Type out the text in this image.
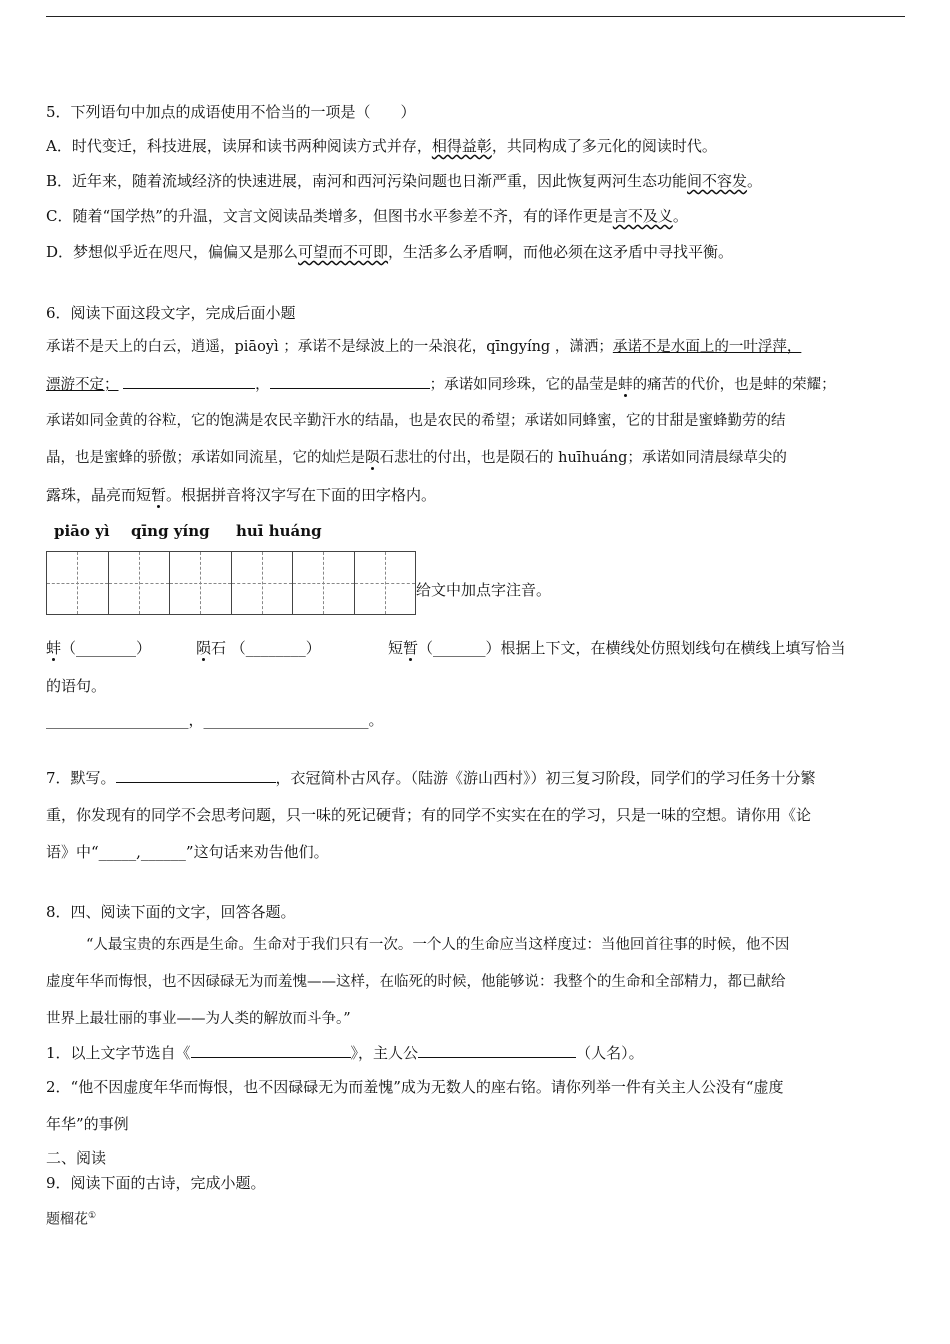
5．下列语句中加点的成语使用不恰当的一项是（　　）
A．时代变迁，科技进展，读屏和读书两种阅读方式并存，相得益彰，共同构成了多元化的阅读时代。
B．近年来，随着流域经济的快速进展，南河和西河污染问题也日渐严重，因此恢复两河生态功能间不容发。
C．随着“国学热”的升温，文言文阅读品类增多，但图书水平参差不齐，有的译作更是言不及义。
D．梦想似乎近在咫尺，偏偏又是那么可望而不可即，生活多么矛盾啊，而他必须在这矛盾中寻找平衡。
6．阅读下面这段文字，完成后面小题
承诺不是天上的白云，逍遥，piāoyì ；承诺不是绿波上的一朵浪花，qīngyíng ，潇洒；承诺不是水面上的一叶浮萍，
漂游不定；	，	；承诺如同珍珠，它的晶莹是蚌的痛苦的代价，也是蚌的荣耀；
承诺如同金黄的谷粒，它的饱满是农民辛勤汗水的结晶，也是农民的希望；承诺如同蜂蜜，它的甘甜是蜜蜂勤劳的结
晶，也是蜜蜂的骄傲；承诺如同流星，它的灿烂是陨石悲壮的付出，也是陨石的 huīhuáng；承诺如同清晨绿草尖的
露珠，晶亮而短暂。根据拼音将汉字写在下面的田字格内。
piāo yì qīng yíng huī huáng
给文中加点字注音。
蚌（________）	陨石 （________）	短暂（_______）根据上下文，在横线处仿照划线句在横线上填写恰当
的语句。
___________________，______________________。
7．默写。	，衣冠简朴古风存。（陆游《游山西村》）初三复习阶段，同学们的学习任务十分繁
重，你发现有的同学不会思考问题，只一味的死记硬背；有的同学不实实在在的学习，只是一味的空想。请你用《论
语》中“_____,______”这句话来劝告他们。
8．四、阅读下面的文字，回答各题。
“人最宝贵的东西是生命。生命对于我们只有一次。一个人的生命应当这样度过：当他回首往事的时候，他不因
虚度年华而悔恨，也不因碌碌无为而羞愧——这样，在临死的时候，他能够说：我整个的生命和全部精力，都已献给
世界上最壮丽的事业——为人类的解放而斗争。”
1．以上文字节选自《	》，主人公	（人名）。
2．“他不因虚度年华而悔恨，也不因碌碌无为而羞愧”成为无数人的座右铭。请你列举一件有关主人公没有“虚度
年华”的事例
二、阅读
9．阅读下面的古诗，完成小题。
题榴花①
